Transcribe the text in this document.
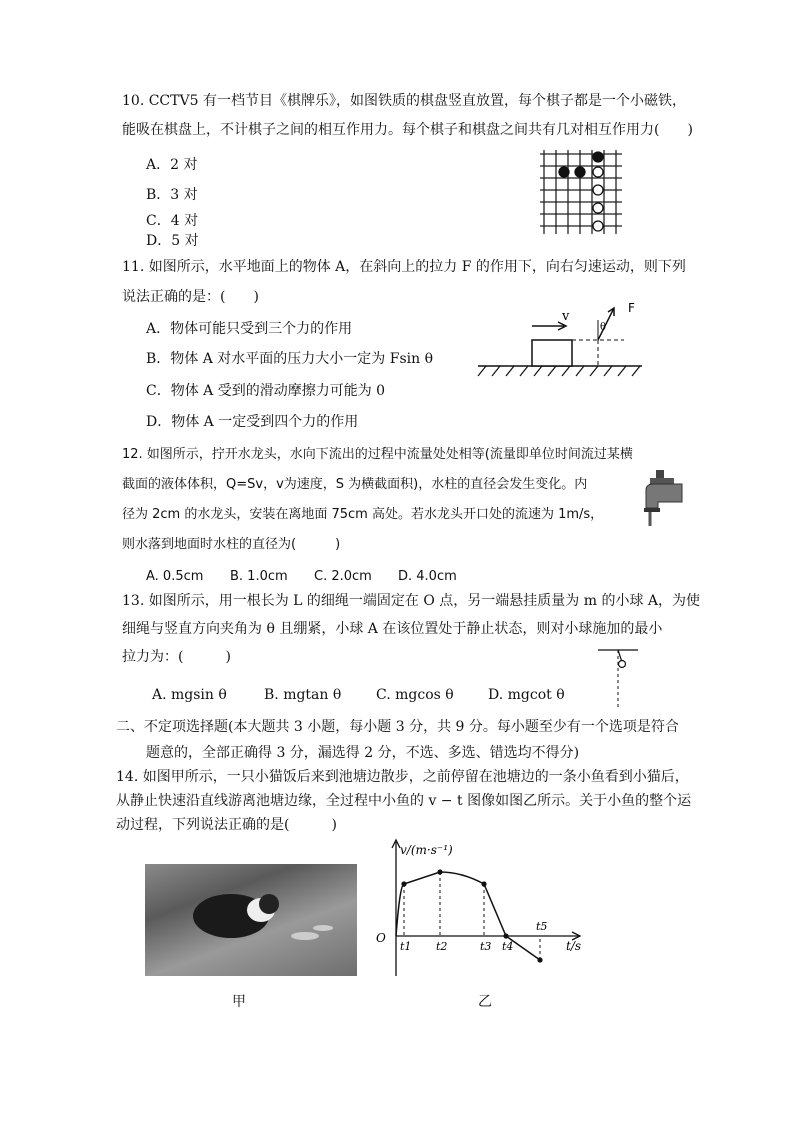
10. CCTV5 有一档节目《棋牌乐》，如图铁质的棋盘竖直放置，每个棋子都是一个小磁铁，
能吸在棋盘上，不计棋子之间的相互作用力。每个棋子和棋盘之间共有几对相互作用力(　　)
A．2 对
B．3 对
C．4 对
D．5 对
11. 如图所示，水平地面上的物体 A，在斜向上的拉力 F 的作用下，向右匀速运动，则下列
说法正确的是：(　　)
A．物体可能只受到三个力的作用
B．物体 A 对水平面的压力大小一定为 Fsin θ
C．物体 A 受到的滑动摩擦力可能为 0
D．物体 A 一定受到四个力的作用
v
F
θ
12. 如图所示，拧开水龙头，水向下流出的过程中流量处处相等(流量即单位时间流过某横
截面的液体体积，Q=Sv，v为速度，S 为横截面积)，水柱的直径会发生变化。内
径为 2cm 的水龙头，安装在离地面 75cm 高处。若水龙头开口处的流速为 1m/s，
则水落到地面时水柱的直径为(　　　)
A. 0.5cm B. 1.0cm C. 2.0cm D. 4.0cm
13. 如图所示，用一根长为 L 的细绳一端固定在 O 点，另一端悬挂质量为 m 的小球 A，为使
细绳与竖直方向夹角为 θ 且绷紧，小球 A 在该位置处于静止状态，则对小球施加的最小
拉力为：(　　　)
A. mgsin θ	B. mgtan θ C. mgcos θ D. mgcot θ
二、不定项选择题(本大题共 3 小题，每小题 3 分，共 9 分。每小题至少有一个选项是符合
题意的，全部正确得 3 分，漏选得 2 分，不选、多选、错选均不得分)
14. 如图甲所示，一只小猫饭后来到池塘边散步，之前停留在池塘边的一条小鱼看到小猫后，
从静止快速沿直线游离池塘边缘，全过程中小鱼的 v − t 图像如图乙所示。关于小鱼的整个运
动过程，下列说法正确的是(　　　)
甲
v/(m·s⁻¹)
t/s
O
t1 t2	t3 t4
t5
乙
